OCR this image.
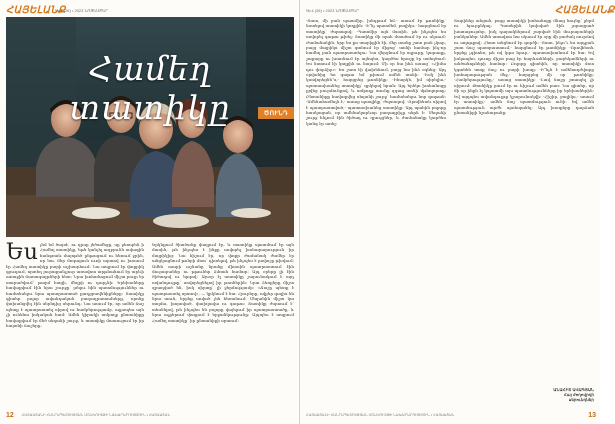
ՀԱՅԵԼԱՆՔ
№ 4 (26) • 2023 ՆՈՅԵՄԲԵՐ
Համեղ տատիկը	ԾՈՒՆԴ
Ես չեմ եմ ծայռէ, ու դրսը յեծամեցը, սը ջեռսբեն ի Համեղ տատիկը, եթե կանչել ազբյունն ավագին հանգռաև մայոթեծ ընթացում ու հեռում ջրին, որ նա, մեր մոգացուն ուռի արտով ու խոսում էր Համեղ տատիկը բարի աշխարհում։ Նա ապրում էր փոքրիկ գյուղում, որտեղ յուրաքանչյուր առավոտ արթնանում էր արևի առաջին ճառագայթների հետ։ Նրա խոհանոցում միշտ բույր էր տարածվում՝ թարմ հացի, մեղրի ու դարչնի։ Երեխաները հավաքվում էին նրա շուրջը՝ լսելու հին պատմություններ ու համտեսելու նրա պատրաստած քաղցրավենիքները։ Տատիկը գիտեր բոլոր ավանդական բաղադրատոմսերը, որոնք փոխանցվել էին սերնդից սերունդ։ Նա ասում էր, որ ամեն ճաշ պետք է պատրաստել սիրով ու համբերությամբ, այլապես այն չի ունենա իսկական համ։ Ամեն կիրակի ամբողջ ընտանիքը հավաքվում էր մեծ սեղանի շուրջ, և տատիկը մատուցում էր իր հայտնի ճաշերը։
Երկնքում ծիածանը փայլում էր, և տատիկը պատմում էր այն մասին, թե ինչպես է ինքը սովորել խոհարարություն իր մայրիկից։ Նա հիշում էր, որ փոքր ժամանակ ժամեր էր անցկացնում թոնրի մոտ՝ դիտելով, թե ինչպես է լավաշը թխվում։ Ամեն տարի աշնանը նրանք միասին պատրաստում էին մուրաբաներ ու թթուներ ձմռան համար։ Այդ օրերը լի էին ծիծաղով ու երգով։ Այսօր էլ տատիկը շարունակում է այդ ավանդույթը՝ սովորեցնելով իր թոռներին։ Նրա ձեռքերը միշտ զբաղված են, իսկ սիրտը՝ լի ջերմությամբ։ «Ճաշը պետք է պատրաստել սրտով», — կրկնում է նա։ Հյուրերը, ովքեր գալիս են նրա տուն, երբեք սոված չեն հեռանում։ Սեղանին միշտ կա տոլմա, խորոված, փախլավա ու գաթա։ Տատիկը ժպտում է՝ տեսնելով, թե ինչպես են բոլորը վայելում իր պատրաստածը, և նրա աչքերում փայլում է երջանկությունը։ Այդպես է ապրում Համեղ տատիկը՝ իր ընտանիքի սրտում։
12 ՀԱՅԱՍՏԱՆԻ ՀԱՆՐԱՊԵՏՈՒԹՅԱՆ ՄՇԱԿՈՒՅԹԻ ՆԱԽԱՐԱՐՈՒԹՅՈՒՆ • ՀԱՅԱՍՏԱՆ
№ 4 (26) • 2023 ՆՈՅԵՄԲԵՐ	ՀԱՅԵԼԱՆՔ
-Տատ, մի բան պատմիր, խնդրում եմ,- ասում էր թոռնիկը՝ նստելով տատիկի կողքին։ -Ի՞նչ պատմեմ, բալիկս,- հարցնում էր տատիկը՝ ժպտալով։ -Պատմիր այն մասին, թե ինչպես ես սովորել գաթա թխել։ Տատիկը մի պահ մտածում էր ու սկսում։ Ժամանակին, երբ ես քո տարիքին էի, մեր տանը շատ բան չկար, բայց մայրիկս միշտ գտնում էր միջոց՝ տոնի համար ինչ-որ համեղ բան պատրաստելու։ Նա վերցնում էր ալյուրը, կարագը, շաքարը ու խառնում էր այնպես, կարծես հրաշք էր ստեղծում։ Ես նստում էի կողքին ու նայում։ Մի օր նա ինձ ասաց՝ «Հիմա դու փորձիր»։ Ես շատ էի վախենում, բայց նա ինձ օգնեց։ Այդ օրվանից ես գաթա եմ թխում ամեն տոնի։ -Իսկ ինձ կսովորեցնե՞ս,- հարցրեց թոռնիկը։ -Իհարկե, իմ սիրելիս,- պատասխանեց տատիկը՝ գրկելով նրան։ Այդ երեկո խոհանոցը լցվեց բուրմունքով, և ամբողջ տունը զգաց տոնի մթնոլորտը։ Ընտանիքը հավաքվեց սեղանի շուրջ՝ համտեսելու նոր գաթան։ -Ամենահամեղն է,- ասաց պապիկը՝ ժպտալով։ -Որովհետև սիրով է պատրաստված,- պատասխանեց տատիկը։ Այդ պահին բոլորը հասկացան, որ ամենակարևոր բաղադրիչը սերն է։ Սեղանի շուրջ հնչում էին ծիծաղ ու զրույցներ, և ժամանակը կարծես կանգ էր առել։
Տարիներ անցան, բայց տատիկի խոհանոցը մնաց նույնը՝ ջերմ ու հյուրընկալ։ Պատերին կախված էին չորացրած խոտաբույսեր, իսկ դարակներում շարված էին մուրաբաների բանկաներ։ Ամեն առավոտ նա սկսում էր օրը մի բաժակ սուրճով ու աղոթքով։ Հետո անցնում էր գործի։ -Տատ, ինչո՞ւ ես այդքան շատ ճաշ պատրաստում,- հարցնում էր թոռնիկը։ -Որովհետև երբեք չգիտես, թե ով կգա հյուր,- պատասխանում էր նա։ Եվ իսկապես, դուռը միշտ բաց էր հարևանների, բարեկամների ու անծանոթների համար։ Բոլորը գիտեին, որ տատիկի մոտ կգտնեն տաք ճաշ ու բարի խոսք։ -Ի՞նչն է ամենադժվարը խոհարարության մեջ,- հարցրեց մի օր թոռնիկը։ -Համբերությունը,- ասաց տատիկը։ -Լավ ճաշը շտապել չի սիրում։ Թոռնիկը լսում էր ու հիշում ամեն բառ։ Նա գիտեր, որ մի օր ինքն էլ կպատմի այս պատմությունները իր երեխաներին։ Եվ այդպես ավանդույթը կշարունակվի։ -Հիշիր, բալիկս,- ասում էր տատիկը,- ամեն ճաշ պատմություն ունի։ Եվ ամեն պատմություն արժե պահպանել։ Այդ խոսքերը դարձան ընտանիքի նշանաբանը։
ԱՆԱՀԻՏ ԱՎԱԳՅԱՆ
Հայ ժողովրդի սերունդներ
ՀԱՅԱՍՏԱՆԻ ՀԱՆՐԱՊԵՏՈՒԹՅԱՆ ՄՇԱԿՈՒՅԹԻ ՆԱԽԱՐԱՐՈՒԹՅՈՒՆ • ՀԱՅԱՍՏԱՆ	13
